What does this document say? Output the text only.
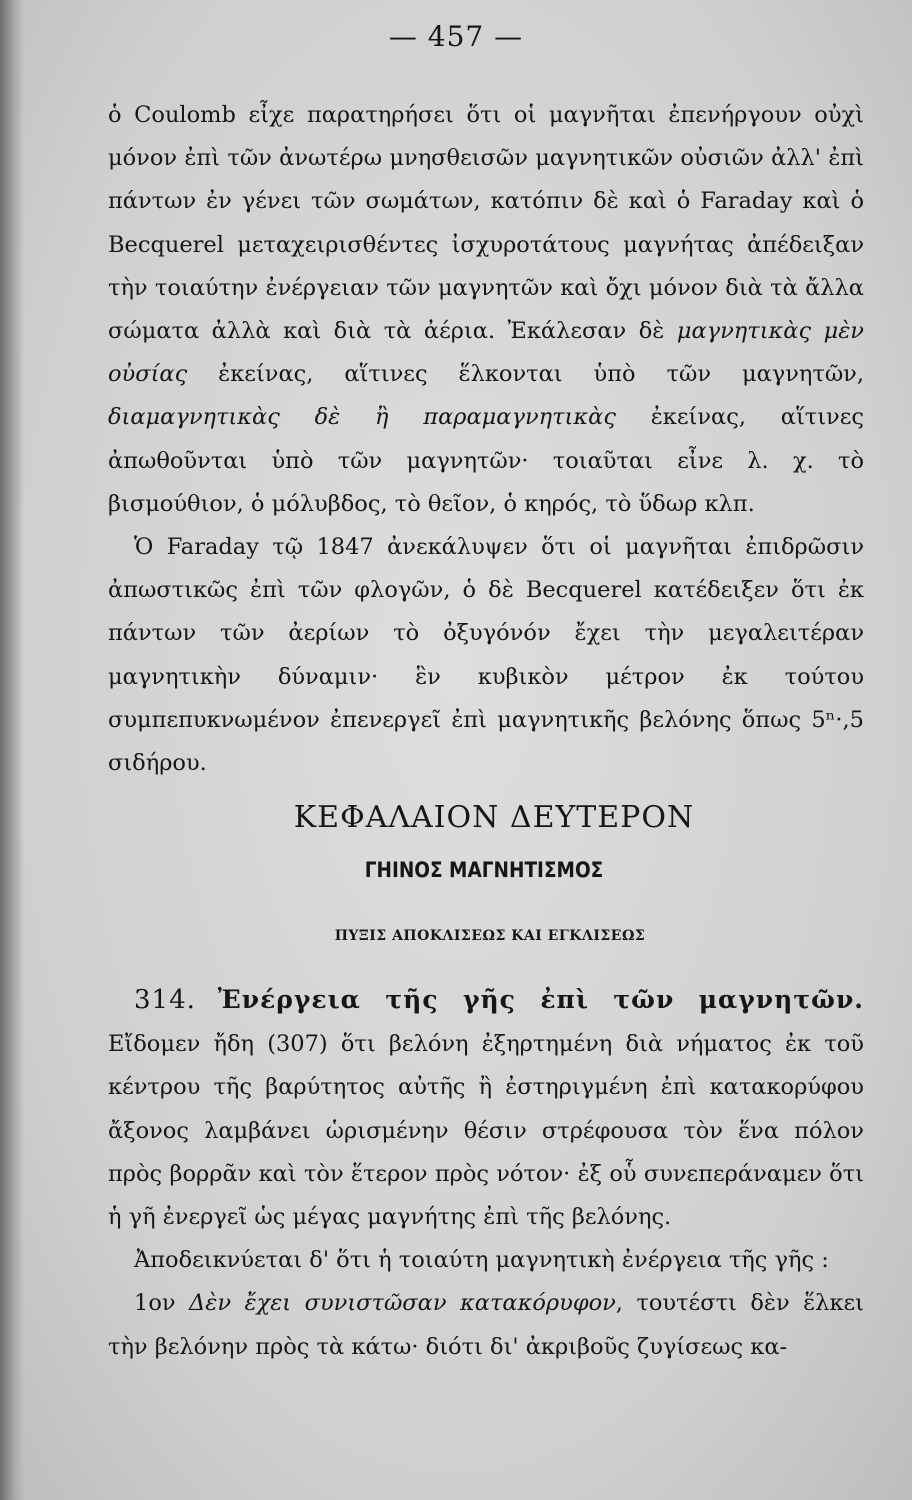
— 457 —

ὁ Coulomb εἶχε παρατηρήσει ὅτι οἱ μαγνῆται ἐπενήργουν οὐχὶ μόνον ἐπὶ τῶν ἀνωτέρω μνησθεισῶν μαγνητικῶν οὐσιῶν ἀλλ' ἐπὶ πάντων ἐν γένει τῶν σωμάτων, κατόπιν δὲ καὶ ὁ Faraday καὶ ὁ Becquerel μεταχειρισθέντες ἰσχυροτάτους μαγνήτας ἀπέδειξαν τὴν τοιαύτην ἐνέργειαν τῶν μαγνητῶν καὶ ὄχι μόνον διὰ τὰ ἄλλα σώματα ἀλλὰ καὶ διὰ τὰ ἀέρια. Ἐκάλεσαν δὲ μαγνητικὰς μὲν οὐσίας ἐκείνας, αἵτινες ἕλκονται ὑπὸ τῶν μαγνητῶν, διαμαγνητικὰς δὲ ἢ παραμαγνητικὰς ἐκείνας, αἵτινες ἀπωθοῦνται ὑπὸ τῶν μαγνητῶν· τοιαῦται εἶνε λ. χ. τὸ βισμούθιον, ὁ μόλυβδος, τὸ θεῖον, ὁ κηρός, τὸ ὕδωρ κλπ.

Ὁ Faraday τῷ 1847 ἀνεκάλυψεν ὅτι οἱ μαγνῆται ἐπιδρῶσιν ἀπωστικῶς ἐπὶ τῶν φλογῶν, ὁ δὲ Becquerel κατέδειξεν ὅτι ἐκ πάντων τῶν ἀερίων τὸ ὀξυγόνόν ἔχει τὴν μεγαλειτέραν μαγνητικὴν δύναμιν· ἓν κυβικὸν μέτρον ἐκ τούτου συμπεπυκνωμένον ἐπενεργεῖ ἐπὶ μαγνητικῆς βελόνης ὅπως 5ⁿ·,5 σιδήρου.

ΚΕΦΑΛΑΙΟΝ ΔΕΥΤΕΡΟΝ
ΓΗΙΝΟΣ ΜΑΓΝΗΤΙΣΜΟΣ
ΠΥΞΙΣ ΑΠΟΚΛΙΣΕΩΣ ΚΑΙ ΕΓΚΛΙΣΕΩΣ

314. Ἐνέργεια τῆς γῆς ἐπὶ τῶν μαγνητῶν. Εἴδομεν ἤδη (307) ὅτι βελόνη ἐξηρτημένη διὰ νήματος ἐκ τοῦ κέντρου τῆς βαρύτητος αὐτῆς ἢ ἐστηριγμένη ἐπὶ κατακορύφου ἄξονος λαμβάνει ὡρισμένην θέσιν στρέφουσα τὸν ἕνα πόλον πρὸς βορρᾶν καὶ τὸν ἕτερον πρὸς νότον· ἐξ οὗ συνεπεράναμεν ὅτι ἡ γῆ ἐνεργεῖ ὡς μέγας μαγνήτης ἐπὶ τῆς βελόνης.

Ἀποδεικνύεται δ' ὅτι ἡ τοιαύτη μαγνητικὴ ἐνέργεια τῆς γῆς :

1ον Δὲν ἔχει συνιστῶσαν κατακόρυφον, τουτέστι δὲν ἕλκει τὴν βελόνην πρὸς τὰ κάτω· διότι δι' ἀκριβοῦς ζυγίσεως κα-
